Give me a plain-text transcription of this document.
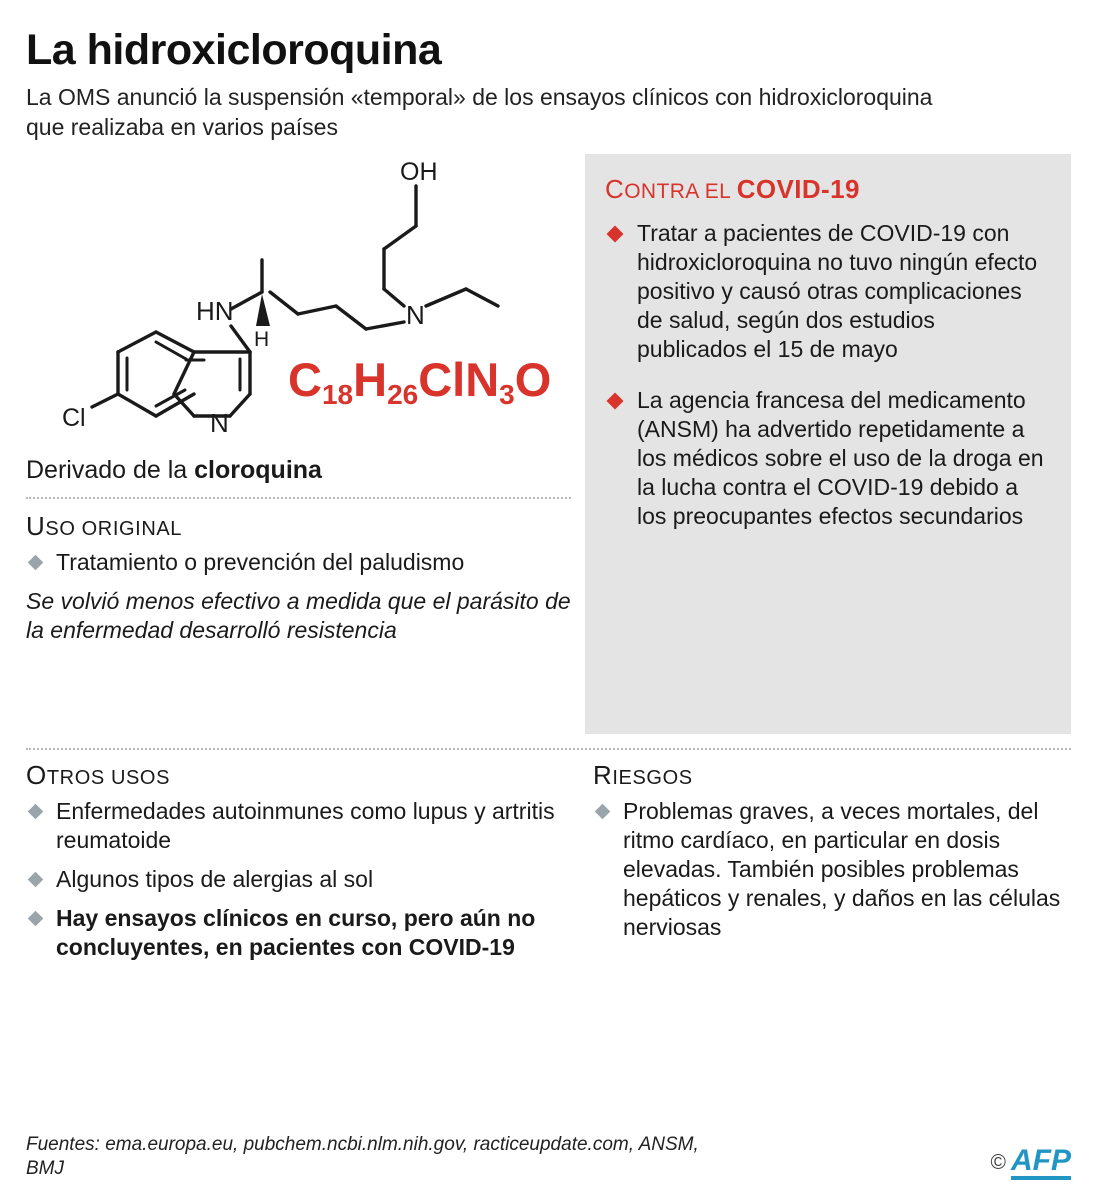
La hidroxicloroquina
La OMS anunció la suspensión «temporal» de los ensayos clínicos con hidroxicloroquina que realizaba en varios países
OH
N
HN
H
Cl	N
$C_{18}H_{26}ClN_3O$
Derivado de la cloroquina
USO ORIGINAL
Tratamiento o prevención del paludismo

Se volvió menos efectivo a medida que el parásito de la enfermedad desarrolló resistencia

CONTRA EL COVID-19
Tratar a pacientes de COVID-19 con hidroxicloroquina no tuvo ningún efecto positivo y causó otras complicaciones de salud, según dos estudios publicados el 15 de mayo
La agencia francesa del medicamento (ANSM) ha advertido repetidamente a los médicos sobre el uso de la droga en la lucha contra el COVID-19 debido a los preocupantes efectos secundarios
OTROS USOS
Enfermedades autoinmunes como lupus y artritis reumatoide
Algunos tipos de alergias al sol
Hay ensayos clínicos en curso, pero aún no concluyentes, en pacientes con COVID-19
RIESGOS
Problemas graves, a veces mortales, del ritmo cardíaco, en particular en dosis elevadas. También posibles problemas hepáticos y renales, y daños en las células nerviosas
Fuentes: ema.europa.eu, pubchem.ncbi.nlm.nih.gov, racticeupdate.com, ANSM, BMJ	© AFP
